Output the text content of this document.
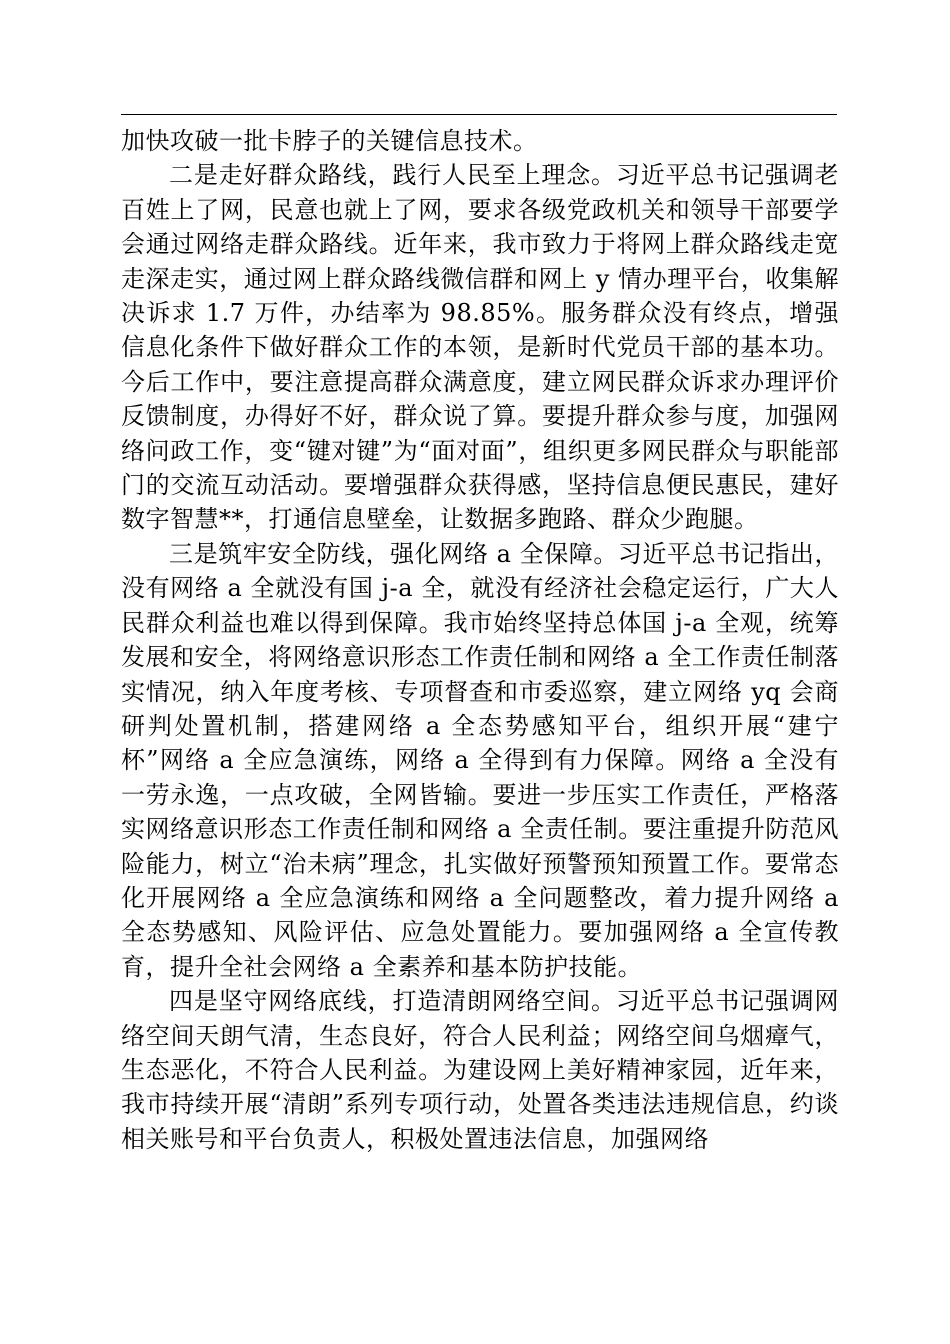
加快攻破一批卡脖子的关键信息技术。

二是走好群众路线，践行人民至上理念。习近平总书记强调老百姓上了网，民意也就上了网，要求各级党政机关和领导干部要学会通过网络走群众路线。近年来，我市致力于将网上群众路线走宽走深走实，通过网上群众路线微信群和网上 y 情办理平台，收集解决诉求 1.7 万件，办结率为 98.85%。服务群众没有终点，增强信息化条件下做好群众工作的本领，是新时代党员干部的基本功。今后工作中，要注意提高群众满意度，建立网民群众诉求办理评价反馈制度，办得好不好，群众说了算。要提升群众参与度，加强网络问政工作，变“键对键”为“面对面”，组织更多网民群众与职能部门的交流互动活动。要增强群众获得感，坚持信息便民惠民，建好数字智慧**，打通信息壁垒，让数据多跑路、群众少跑腿。

三是筑牢安全防线，强化网络 a 全保障。习近平总书记指出，没有网络 a 全就没有国 j-a 全，就没有经济社会稳定运行，广大人民群众利益也难以得到保障。我市始终坚持总体国 j-a 全观，统筹发展和安全，将网络意识形态工作责任制和网络 a 全工作责任制落实情况，纳入年度考核、专项督查和市委巡察，建立网络 yq 会商研判处置机制，搭建网络 a 全态势感知平台，组织开展“建宁杯”网络 a 全应急演练，网络 a 全得到有力保障。网络 a 全没有一劳永逸，一点攻破，全网皆输。要进一步压实工作责任，严格落实网络意识形态工作责任制和网络 a 全责任制。要注重提升防范风险能力，树立“治未病”理念，扎实做好预警预知预置工作。要常态化开展网络 a 全应急演练和网络 a 全问题整改，着力提升网络 a 全态势感知、风险评估、应急处置能力。要加强网络 a 全宣传教育，提升全社会网络 a 全素养和基本防护技能。

四是坚守网络底线，打造清朗网络空间。习近平总书记强调网络空间天朗气清，生态良好，符合人民利益；网络空间乌烟瘴气，生态恶化，不符合人民利益。为建设网上美好精神家园，近年来，我市持续开展“清朗”系列专项行动，处置各类违法违规信息，约谈相关账号和平台负责人，积极处置违法信息，加强网络
